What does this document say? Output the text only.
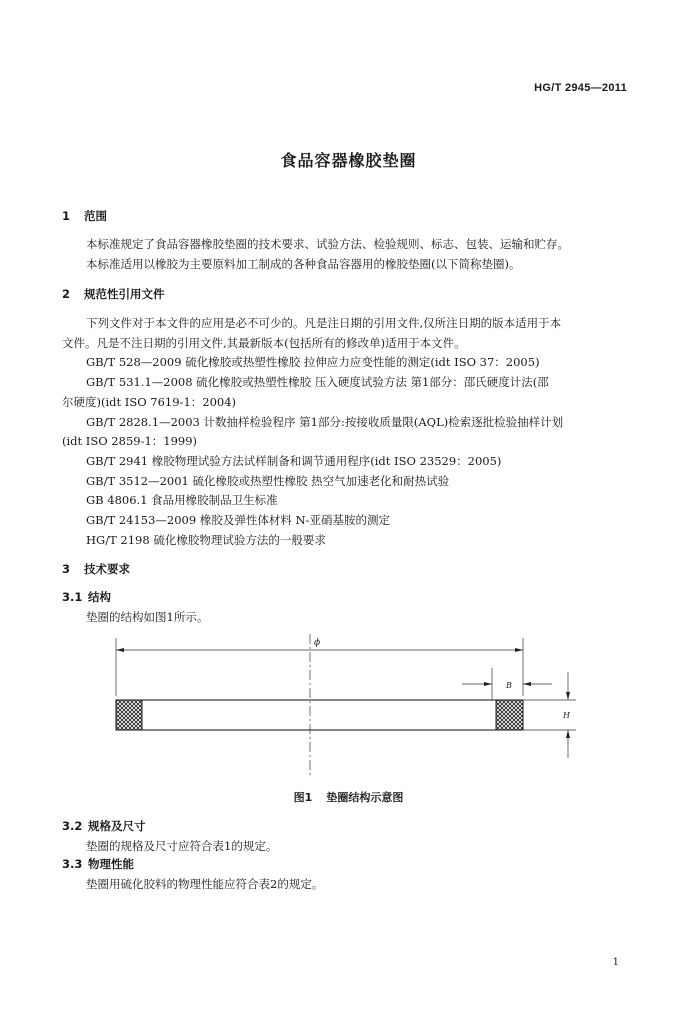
HG/T 2945—2011
食品容器橡胶垫圈
1 范围
本标准规定了食品容器橡胶垫圈的技术要求、试验方法、检验规则、标志、包装、运输和贮存。
本标准适用以橡胶为主要原料加工制成的各种食品容器用的橡胶垫圈(以下简称垫圈)。
2 规范性引用文件
下列文件对于本文件的应用是必不可少的。凡是注日期的引用文件,仅所注日期的版本适用于本
文件。凡是不注日期的引用文件,其最新版本(包括所有的修改单)适用于本文件。
GB/T 528—2009 硫化橡胶或热塑性橡胶 拉伸应力应变性能的测定(idt ISO 37：2005)
GB/T 531.1—2008 硫化橡胶或热塑性橡胶 压入硬度试验方法 第1部分：邵氏硬度计法(邵
尔硬度)(idt ISO 7619-1：2004)
GB/T 2828.1—2003 计数抽样检验程序 第1部分:按接收质量限(AQL)检索逐批检验抽样计划
(idt ISO 2859-1：1999)
GB/T 2941 橡胶物理试验方法试样制备和调节通用程序(idt ISO 23529：2005)
GB/T 3512—2001 硫化橡胶或热塑性橡胶 热空气加速老化和耐热试验
GB 4806.1 食品用橡胶制品卫生标准
GB/T 24153—2009 橡胶及弹性体材料 N-亚硝基胺的测定
HG/T 2198 硫化橡胶物理试验方法的一般要求
3 技术要求
3.1 结构
垫圈的结构如图1所示。
ϕ
B
H
图1 垫圈结构示意图
3.2 规格及尺寸
垫圈的规格及尺寸应符合表1的规定。
3.3 物理性能
垫圈用硫化胶料的物理性能应符合表2的规定。
1
